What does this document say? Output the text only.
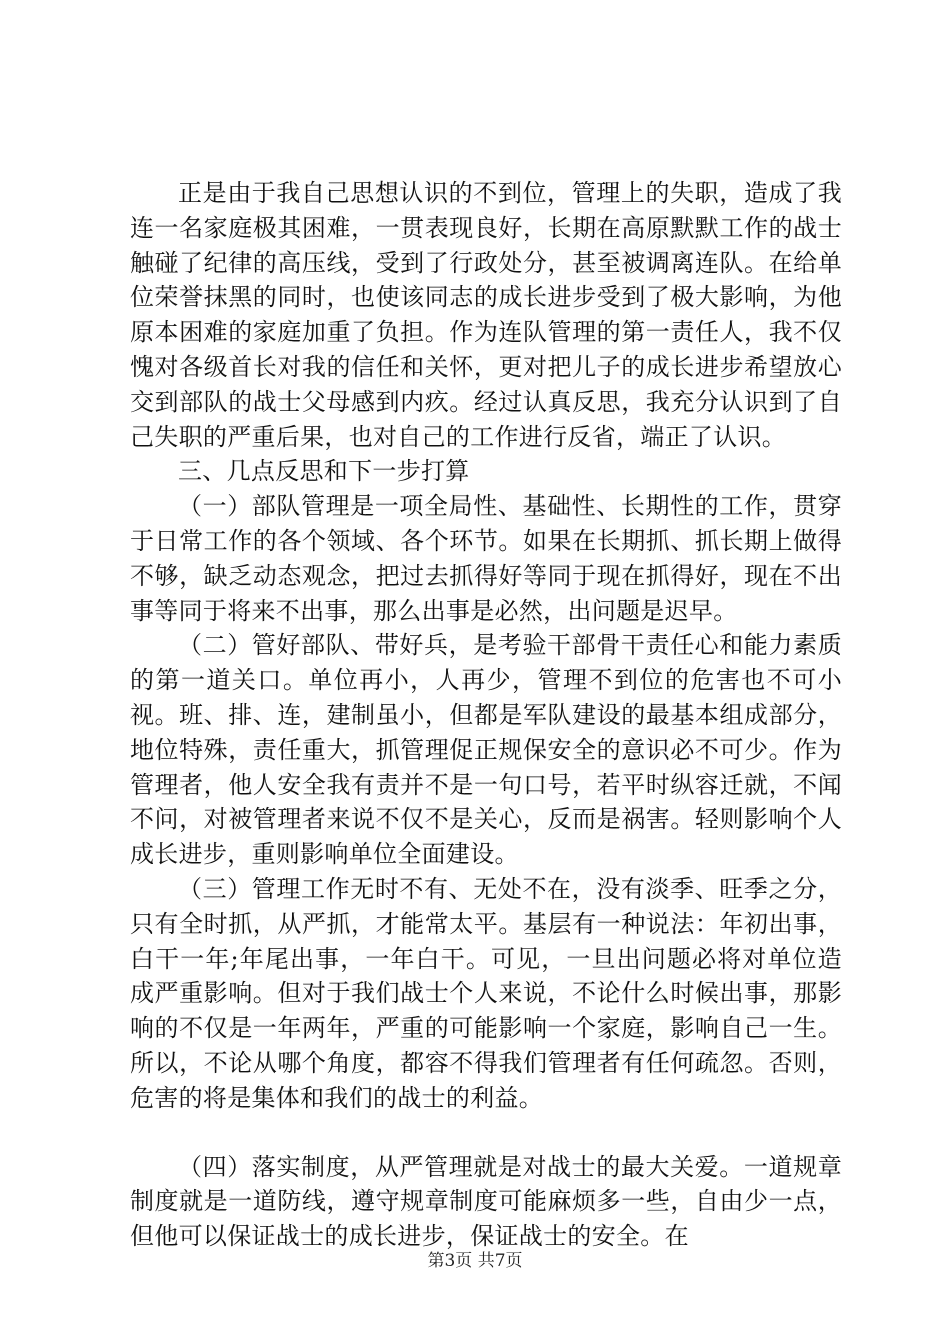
正是由于我自己思想认识的不到位，管理上的失职，造成了我连一名家庭极其困难，一贯表现良好，长期在高原默默工作的战士触碰了纪律的高压线，受到了行政处分，甚至被调离连队。在给单位荣誉抹黑的同时，也使该同志的成长进步受到了极大影响，为他原本困难的家庭加重了负担。作为连队管理的第一责任人，我不仅愧对各级首长对我的信任和关怀，更对把儿子的成长进步希望放心交到部队的战士父母感到内疚。经过认真反思，我充分认识到了自己失职的严重后果，也对自己的工作进行反省，端正了认识。

三、几点反思和下一步打算

（一）部队管理是一项全局性、基础性、长期性的工作，贯穿于日常工作的各个领域、各个环节。如果在长期抓、抓长期上做得不够，缺乏动态观念，把过去抓得好等同于现在抓得好，现在不出事等同于将来不出事，那么出事是必然，出问题是迟早。

（二）管好部队、带好兵，是考验干部骨干责任心和能力素质的第一道关口。单位再小，人再少，管理不到位的危害也不可小视。班、排、连，建制虽小，但都是军队建设的最基本组成部分，地位特殊，责任重大，抓管理促正规保安全的意识必不可少。作为管理者，他人安全我有责并不是一句口号，若平时纵容迁就，不闻不问，对被管理者来说不仅不是关心，反而是祸害。轻则影响个人成长进步，重则影响单位全面建设。

（三）管理工作无时不有、无处不在，没有淡季、旺季之分，只有全时抓，从严抓，才能常太平。基层有一种说法：年初出事，白干一年;年尾出事，一年白干。可见，一旦出问题必将对单位造成严重影响。但对于我们战士个人来说，不论什么时候出事，那影响的不仅是一年两年，严重的可能影响一个家庭，影响自己一生。所以，不论从哪个角度，都容不得我们管理者有任何疏忽。否则，危害的将是集体和我们的战士的利益。

（四）落实制度，从严管理就是对战士的最大关爱。一道规章制度就是一道防线，遵守规章制度可能麻烦多一些，自由少一点，但他可以保证战士的成长进步，保证战士的安全。在

第3页 共7页
